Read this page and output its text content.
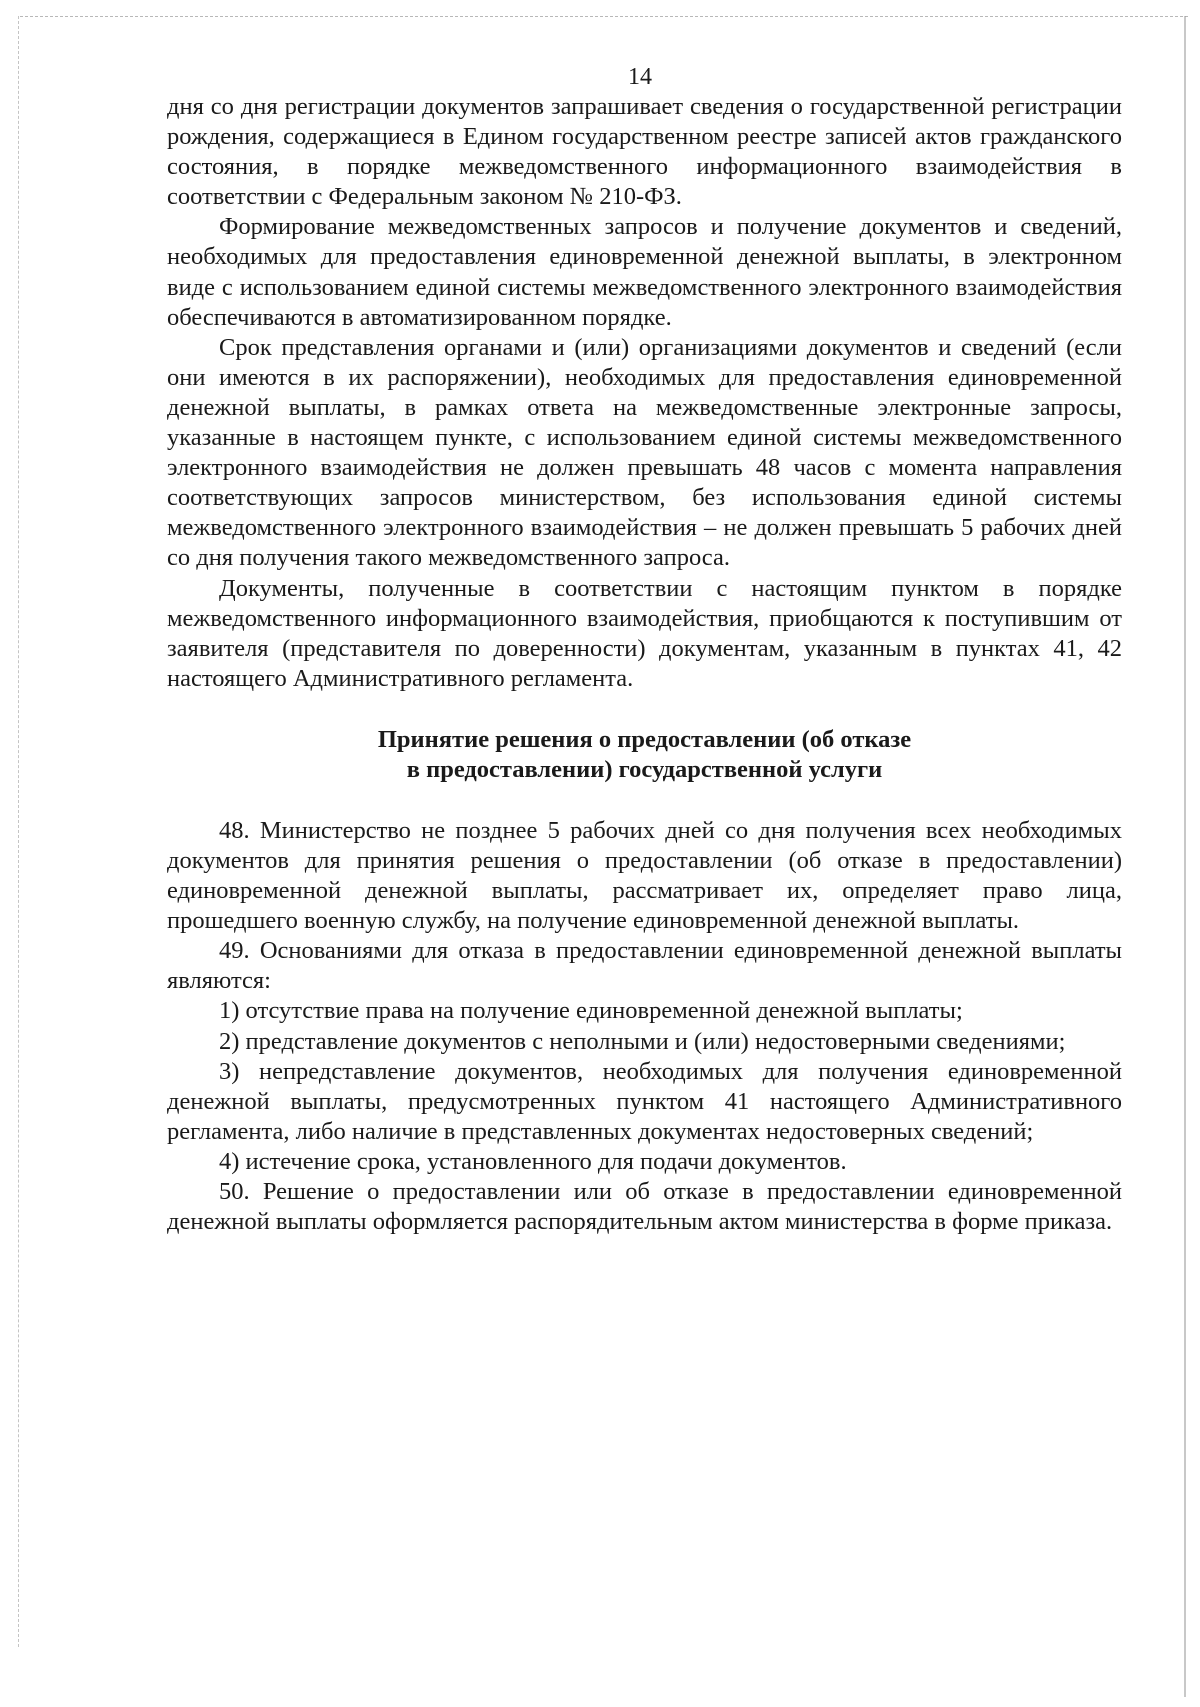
14

дня со дня регистрации документов запрашивает сведения о государственной регистрации рождения, содержащиеся в Едином государственном реестре записей актов гражданского состояния, в порядке межведомственного информационного взаимодействия в соответствии с Федеральным законом № 210-ФЗ.

Формирование межведомственных запросов и получение документов и сведений, необходимых для предоставления единовременной денежной выплаты, в электронном виде с использованием единой системы межведомственного электронного взаимодействия обеспечиваются в автоматизированном порядке.

Срок представления органами и (или) организациями документов и сведений (если они имеются в их распоряжении), необходимых для предоставления единовременной денежной выплаты, в рамках ответа на межведомственные электронные запросы, указанные в настоящем пункте, с использованием единой системы межведомственного электронного взаимодействия не должен превышать 48 часов с момента направления соответствующих запросов министерством, без использования единой системы межведомственного электронного взаимодействия – не должен превышать 5 рабочих дней со дня получения такого межведомственного запроса.

Документы, полученные в соответствии с настоящим пунктом в порядке межведомственного информационного взаимодействия, приобщаются к поступившим от заявителя (представителя по доверенности) документам, указанным в пунктах 41, 42 настоящего Административного регламента.

Принятие решения о предоставлении (об отказе
в предоставлении) государственной услуги

48. Министерство не позднее 5 рабочих дней со дня получения всех необходимых документов для принятия решения о предоставлении (об отказе в предоставлении) единовременной денежной выплаты, рассматривает их, определяет право лица, прошедшего военную службу, на получение единовременной денежной выплаты.

49. Основаниями для отказа в предоставлении единовременной денежной выплаты являются:

1) отсутствие права на получение единовременной денежной выплаты;

2) представление документов с неполными и (или) недостоверными сведениями;

3) непредставление документов, необходимых для получения единовременной денежной выплаты, предусмотренных пунктом 41 настоящего Административного регламента, либо наличие в представленных документах недостоверных сведений;

4) истечение срока, установленного для подачи документов.

50. Решение о предоставлении или об отказе в предоставлении единовременной денежной выплаты оформляется распорядительным актом министерства в форме приказа.
